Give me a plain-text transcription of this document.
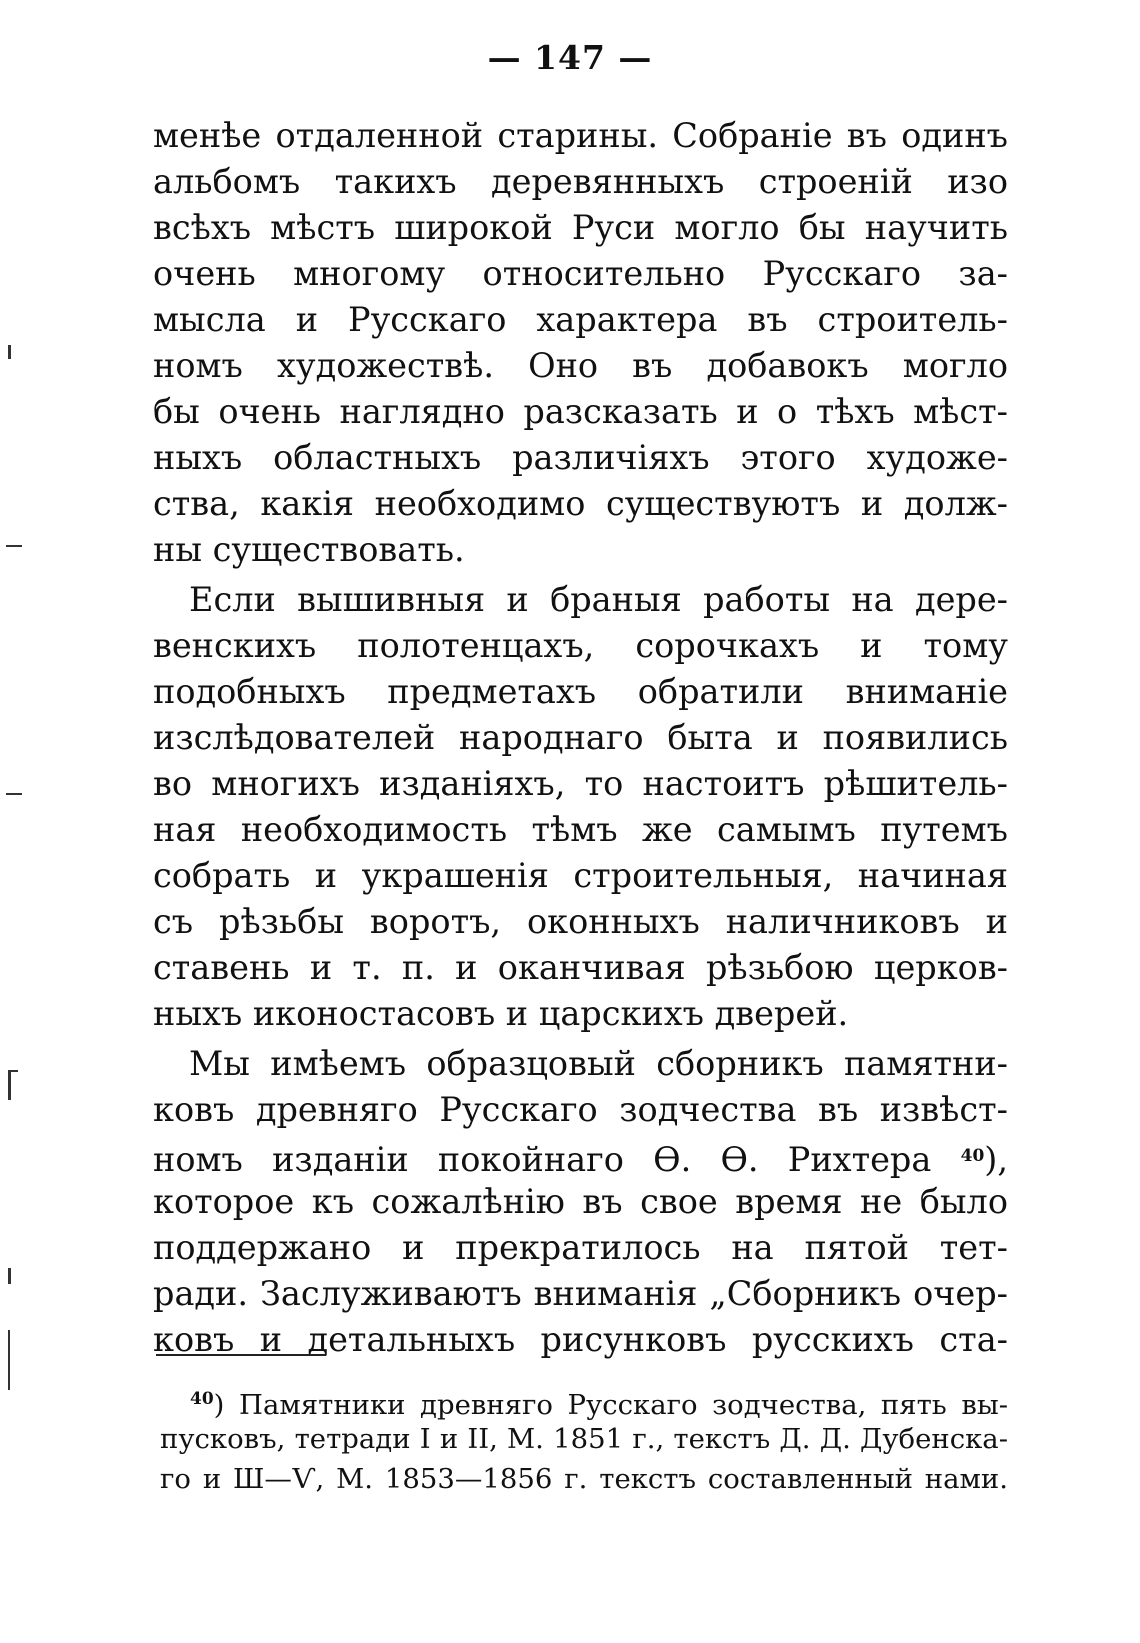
— 147 —
менѣе отдаленной старины. Собраніе въ одинъ
альбомъ такихъ деревянныхъ строеній изо
всѣхъ мѣстъ широкой Руси могло бы научить
очень многому относительно Русскаго за-
мысла и Русскаго характера въ строитель-
номъ художествѣ. Оно въ добавокъ могло
бы очень наглядно разсказать и о тѣхъ мѣст-
ныхъ областныхъ различіяхъ этого художе-
ства, какія необходимо существуютъ и долж-
ны существовать.
Если вышивныя и браныя работы на дере-
венскихъ полотенцахъ, сорочкахъ и тому
подобныхъ предметахъ обратили вниманіе
изслѣдователей народнаго быта и появились
во многихъ изданіяхъ, то настоитъ рѣшитель-
ная необходимость тѣмъ же самымъ путемъ
собрать и украшенія строительныя, начиная
съ рѣзьбы воротъ, оконныхъ наличниковъ и
ставень и т. п. и оканчивая рѣзьбою церков-
ныхъ иконостасовъ и царскихъ дверей.
Мы имѣемъ образцовый сборникъ памятни-
ковъ древняго Русскаго зодчества въ извѣст-
номъ изданіи покойнаго Ѳ. Ѳ. Рихтера $^{40}$),
которое къ сожалѣнію въ свое время не было
поддержано и прекратилось на пятой тет-
ради. Заслуживаютъ вниманія „Сборникъ очер-
ковъ и детальныхъ рисунковъ русскихъ ста-
$^{40}$) Памятники древняго Русскаго зодчества, пять вы-
пусковъ, тетради I и II, М. 1851 г., текстъ Д. Д. Дубенска-
го и Ш—Ѵ, М. 1853—1856 г. текстъ составленный нами.
